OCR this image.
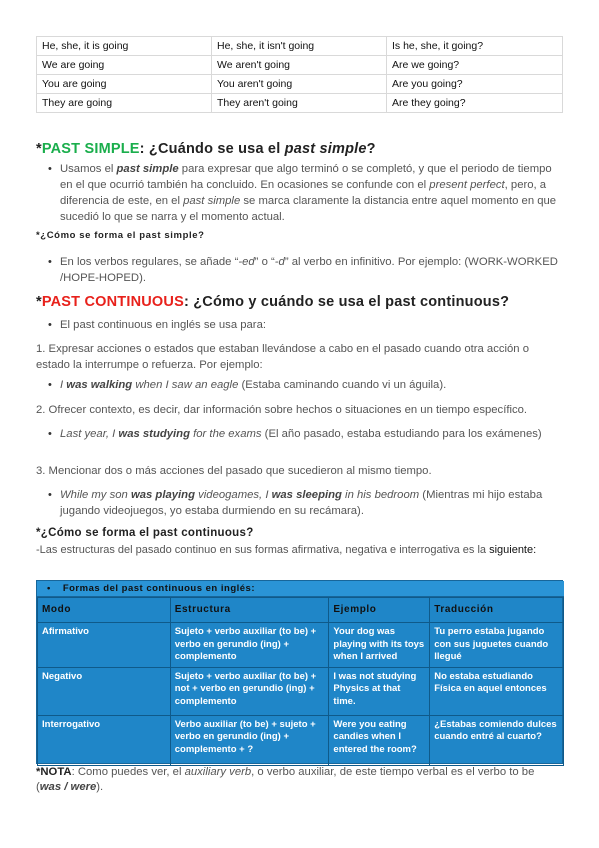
He, she, it is going	He, she, it isn't going	Is he, she, it going?
We are going	We aren't going	Are we going?
You are going	You aren't going	Are you going?
They are going	They aren't going	Are they going?
*PAST SIMPLE: ¿Cuándo se usa el past simple?
• Usamos el past simple para expresar que algo terminó o se completó, y que el periodo de tiempo en el que ocurrió también ha concluido. En ocasiones se confunde con el present perfect, pero, a diferencia de este, en el past simple se marca claramente la distancia entre aquel momento en que sucedió lo que se narra y el momento actual.
*¿Cómo se forma el past simple?
• En los verbos regulares, se añade “-ed” o “-d” al verbo en infinitivo. Por ejemplo: (WORK-WORKED /HOPE-HOPED).
*PAST CONTINUOUS: ¿Cómo y cuándo se usa el past continuous?
• El past continuous en inglés se usa para:
1. Expresar acciones o estados que estaban llevándose a cabo en el pasado cuando otra acción o estado la interrumpe o refuerza. Por ejemplo:
• I was walking when I saw an eagle (Estaba caminando cuando vi un águila).
2. Ofrecer contexto, es decir, dar información sobre hechos o situaciones en un tiempo específico.
• Last year, I was studying for the exams (El año pasado, estaba estudiando para los exámenes)
3. Mencionar dos o más acciones del pasado que sucedieron al mismo tiempo.
• While my son was playing videogames, I was sleeping in his bedroom (Mientras mi hijo estaba jugando videojuegos, yo estaba durmiendo en su recámara).
*¿Cómo se forma el past continuous?
-Las estructuras del pasado continuo en sus formas afirmativa, negativa e interrogativa es la siguiente:
• Formas del past continuous en inglés:
Modo	Estructura	Ejemplo	Traducción
Afirmativo	Sujeto + verbo auxiliar (to be) + verbo en gerundio (ing) + complemento	Your dog was playing with its toys when I arrived	Tu perro estaba jugando con sus juguetes cuando llegué
Negativo	Sujeto + verbo auxiliar (to be) + not + verbo en gerundio (ing) + complemento	I was not studying Physics at that time.	No estaba estudiando Física en aquel entonces
Interrogativo	Verbo auxiliar (to be) + sujeto + verbo en gerundio (ing) + complemento + ?	Were you eating candies when I entered the room?	¿Estabas comiendo dulces cuando entré al cuarto?
*NOTA: Como puedes ver, el auxiliary verb, o verbo auxiliar, de este tiempo verbal es el verbo to be (was / were).
